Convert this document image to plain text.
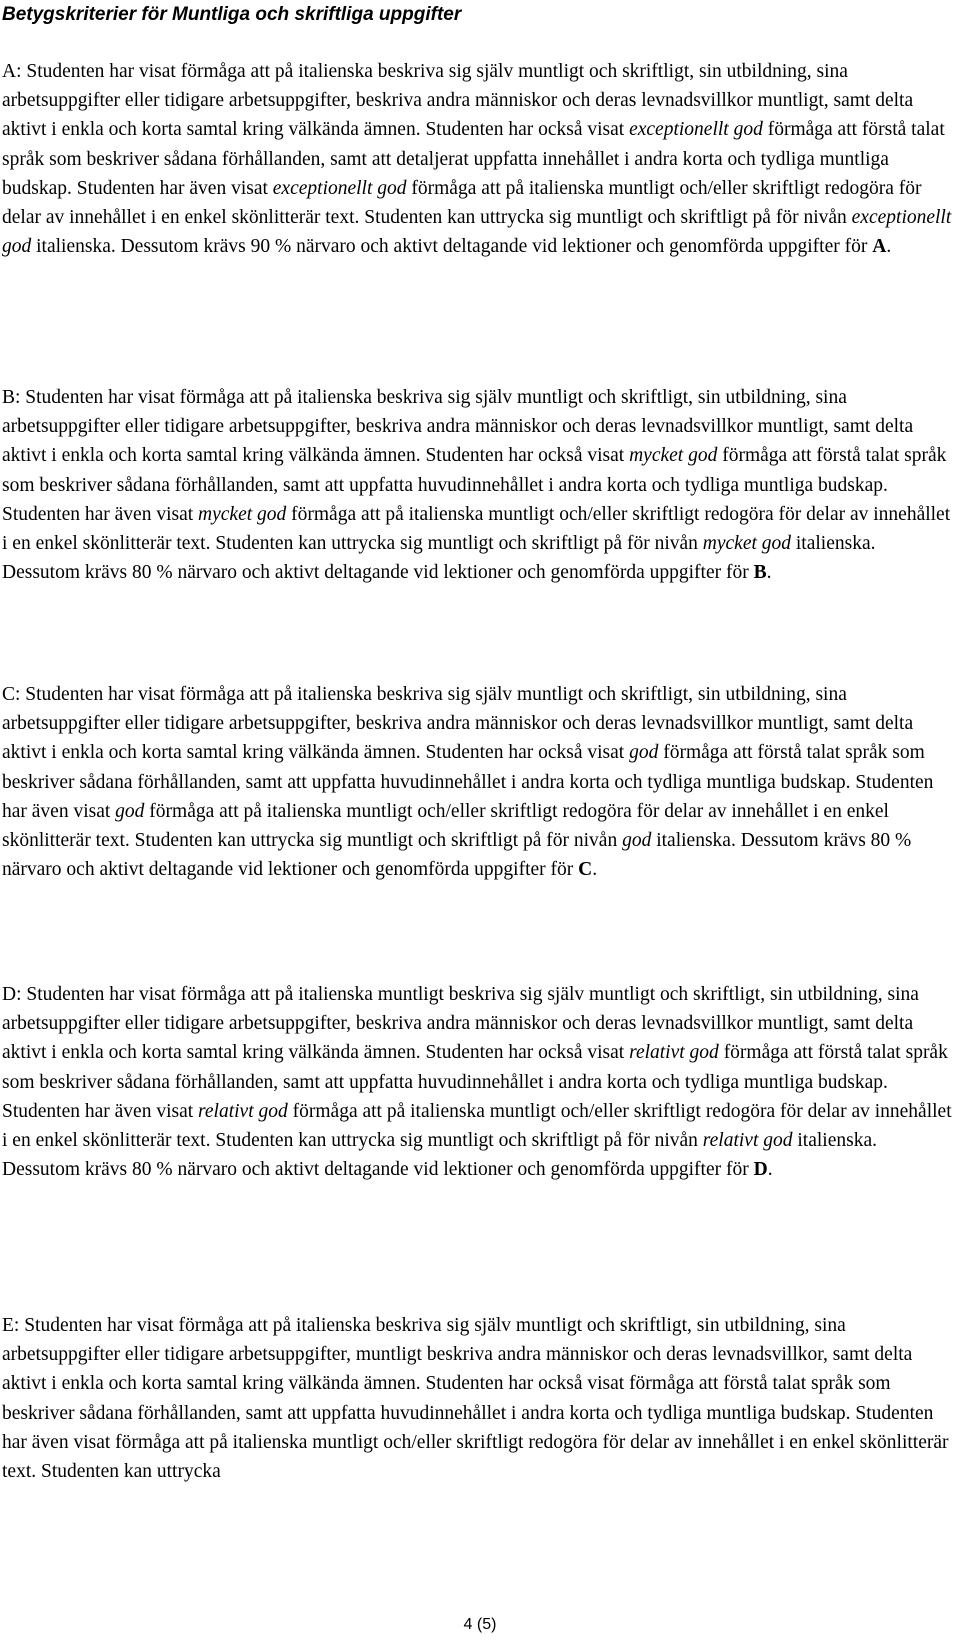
Betygskriterier för Muntliga och skriftliga uppgifter

A: Studenten har visat förmåga att på italienska beskriva sig själv muntligt och skriftligt, sin utbildning, sina arbetsuppgifter eller tidigare arbetsuppgifter, beskriva andra människor och deras levnadsvillkor muntligt, samt delta aktivt i enkla och korta samtal kring välkända ämnen. Studenten har också visat exceptionellt god förmåga att förstå talat språk som beskriver sådana förhållanden, samt att detaljerat uppfatta innehållet i andra korta och tydliga muntliga budskap. Studenten har även visat exceptionellt god förmåga att på italienska muntligt och/eller skriftligt redogöra för delar av innehållet i en enkel skönlitterär text. Studenten kan uttrycka sig muntligt och skriftligt på för nivån exceptionellt god italienska. Dessutom krävs 90 % närvaro och aktivt deltagande vid lektioner och genomförda uppgifter för A.

B: Studenten har visat förmåga att på italienska beskriva sig själv muntligt och skriftligt, sin utbildning, sina arbetsuppgifter eller tidigare arbetsuppgifter, beskriva andra människor och deras levnadsvillkor muntligt, samt delta aktivt i enkla och korta samtal kring välkända ämnen. Studenten har också visat mycket god förmåga att förstå talat språk som beskriver sådana förhållanden, samt att uppfatta huvudinnehållet i andra korta och tydliga muntliga budskap. Studenten har även visat mycket god förmåga att på italienska muntligt och/eller skriftligt redogöra för delar av innehållet i en enkel skönlitterär text. Studenten kan uttrycka sig muntligt och skriftligt på för nivån mycket god italienska. Dessutom krävs 80 % närvaro och aktivt deltagande vid lektioner och genomförda uppgifter för B.

C: Studenten har visat förmåga att på italienska beskriva sig själv muntligt och skriftligt, sin utbildning, sina arbetsuppgifter eller tidigare arbetsuppgifter, beskriva andra människor och deras levnadsvillkor muntligt, samt delta aktivt i enkla och korta samtal kring välkända ämnen. Studenten har också visat god förmåga att förstå talat språk som beskriver sådana förhållanden, samt att uppfatta huvudinnehållet i andra korta och tydliga muntliga budskap. Studenten har även visat god förmåga att på italienska muntligt och/eller skriftligt redogöra för delar av innehållet i en enkel skönlitterär text. Studenten kan uttrycka sig muntligt och skriftligt på för nivån god italienska. Dessutom krävs 80 % närvaro och aktivt deltagande vid lektioner och genomförda uppgifter för C.

D: Studenten har visat förmåga att på italienska muntligt beskriva sig själv muntligt och skriftligt, sin utbildning, sina arbetsuppgifter eller tidigare arbetsuppgifter, beskriva andra människor och deras levnadsvillkor muntligt, samt delta aktivt i enkla och korta samtal kring välkända ämnen. Studenten har också visat relativt god förmåga att förstå talat språk som beskriver sådana förhållanden, samt att uppfatta huvudinnehållet i andra korta och tydliga muntliga budskap. Studenten har även visat relativt god förmåga att på italienska muntligt och/eller skriftligt redogöra för delar av innehållet i en enkel skönlitterär text. Studenten kan uttrycka sig muntligt och skriftligt på för nivån relativt god italienska. Dessutom krävs 80 % närvaro och aktivt deltagande vid lektioner och genomförda uppgifter för D.

E: Studenten har visat förmåga att på italienska beskriva sig själv muntligt och skriftligt, sin utbildning, sina arbetsuppgifter eller tidigare arbetsuppgifter, muntligt beskriva andra människor och deras levnadsvillkor, samt delta aktivt i enkla och korta samtal kring välkända ämnen. Studenten har också visat förmåga att förstå talat språk som beskriver sådana förhållanden, samt att uppfatta huvudinnehållet i andra korta och tydliga muntliga budskap. Studenten har även visat förmåga att på italienska muntligt och/eller skriftligt redogöra för delar av innehållet i en enkel skönlitterär text. Studenten kan uttrycka

4 (5)
